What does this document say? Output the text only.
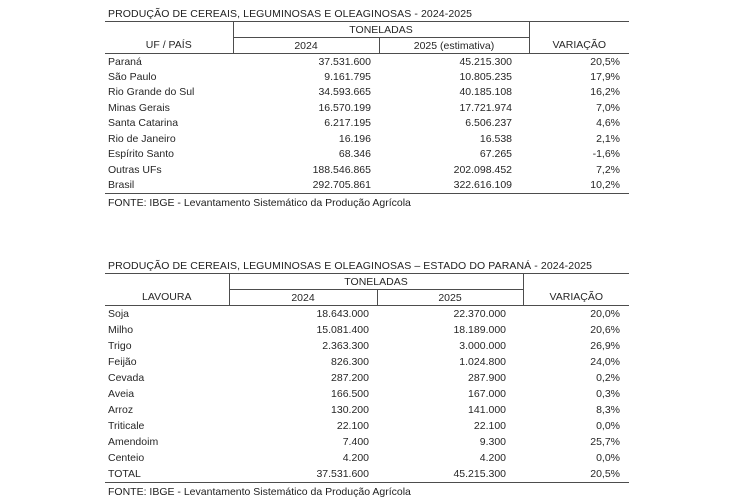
PRODUÇÃO DE CEREAIS, LEGUMINOSAS E OLEAGINOSAS - 2024-2025
UF / PAÍS	TONELADAS		VARIAÇÃO
	2024	2025 (estimativa)	
Paraná	37.531.600	45.215.300	20,5%
São Paulo	9.161.795	10.805.235	17,9%
Rio Grande do Sul	34.593.665	40.185.108	16,2%
Minas Gerais	16.570.199	17.721.974	7,0%
Santa Catarina	6.217.195	6.506.237	4,6%
Rio de Janeiro	16.196	16.538	2,1%
Espírito Santo	68.346	67.265	-1,6%
Outras UFs	188.546.865	202.098.452	7,2%
Brasil	292.705.861	322.616.109	10,2%
FONTE: IBGE - Levantamento Sistemático da Produção Agrícola
PRODUÇÃO DE CEREAIS, LEGUMINOSAS E OLEAGINOSAS – ESTADO DO PARANÁ - 2024-2025
LAVOURA	TONELADAS		VARIAÇÃO
	2024	2025	
Soja	18.643.000	22.370.000	20,0%
Milho	15.081.400	18.189.000	20,6%
Trigo	2.363.300	3.000.000	26,9%
Feijão	826.300	1.024.800	24,0%
Cevada	287.200	287.900	0,2%
Aveia	166.500	167.000	0,3%
Arroz	130.200	141.000	8,3%
Triticale	22.100	22.100	0,0%
Amendoim	7.400	9.300	25,7%
Centeio	4.200	4.200	0,0%
TOTAL	37.531.600	45.215.300	20,5%
FONTE: IBGE - Levantamento Sistemático da Produção Agrícola
